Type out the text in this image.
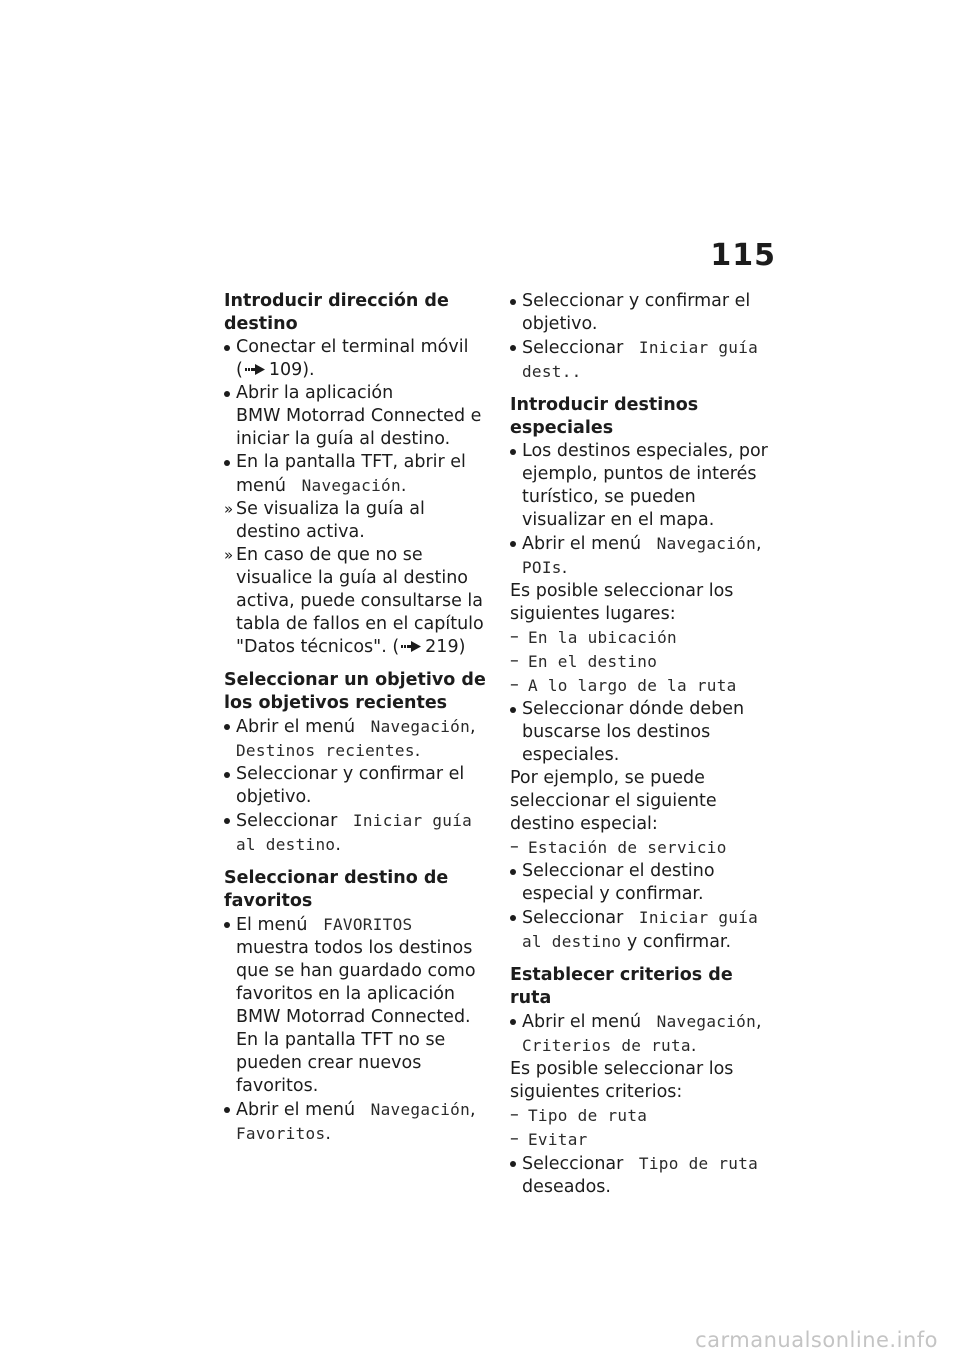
115
Introducir dirección de destino
Conectar el terminal móvil
( 109).
Abrir la aplicación
BMW Motorrad Connected e iniciar la guía al destino.
En la pantalla TFT, abrir el menú Navegación.
» Se visualiza la guía al destino activa.
» En caso de que no se visualice la guía al destino activa, puede consultarse la tabla de fallos en el capítulo "Datos técnicos". ( 219)
Seleccionar un objetivo de los objetivos recientes
Abrir el menú Navegación,
Destinos recientes.
Seleccionar y confirmar el objetivo.
Seleccionar Iniciar guía al destino.
Seleccionar destino de favoritos
El menú FAVORITOS
muestra todos los destinos que se han guardado como favoritos en la aplicación BMW Motorrad Connected. En la pantalla TFT no se pueden crear nuevos favoritos.
Abrir el menú Navegación,
Favoritos.
Seleccionar y confirmar el objetivo.
Seleccionar Iniciar guía dest..
Introducir destinos especiales
Los destinos especiales, por ejemplo, puntos de interés turístico, se pueden visualizar en el mapa.
Abrir el menú Navegación,
POIs.

Es posible seleccionar los siguientes lugares:

– En la ubicación
– En el destino
– A lo largo de la ruta
Seleccionar dónde deben buscarse los destinos especiales.

Por ejemplo, se puede seleccionar el siguiente destino especial:

– Estación de servicio
Seleccionar el destino especial y confirmar.
Seleccionar Iniciar guía al destino y confirmar.
Establecer criterios de ruta
Abrir el menú Navegación,
Criterios de ruta.

Es posible seleccionar los siguientes criterios:

– Tipo de ruta
– Evitar
Seleccionar Tipo de ruta
deseados.
carmanualsonline.info
